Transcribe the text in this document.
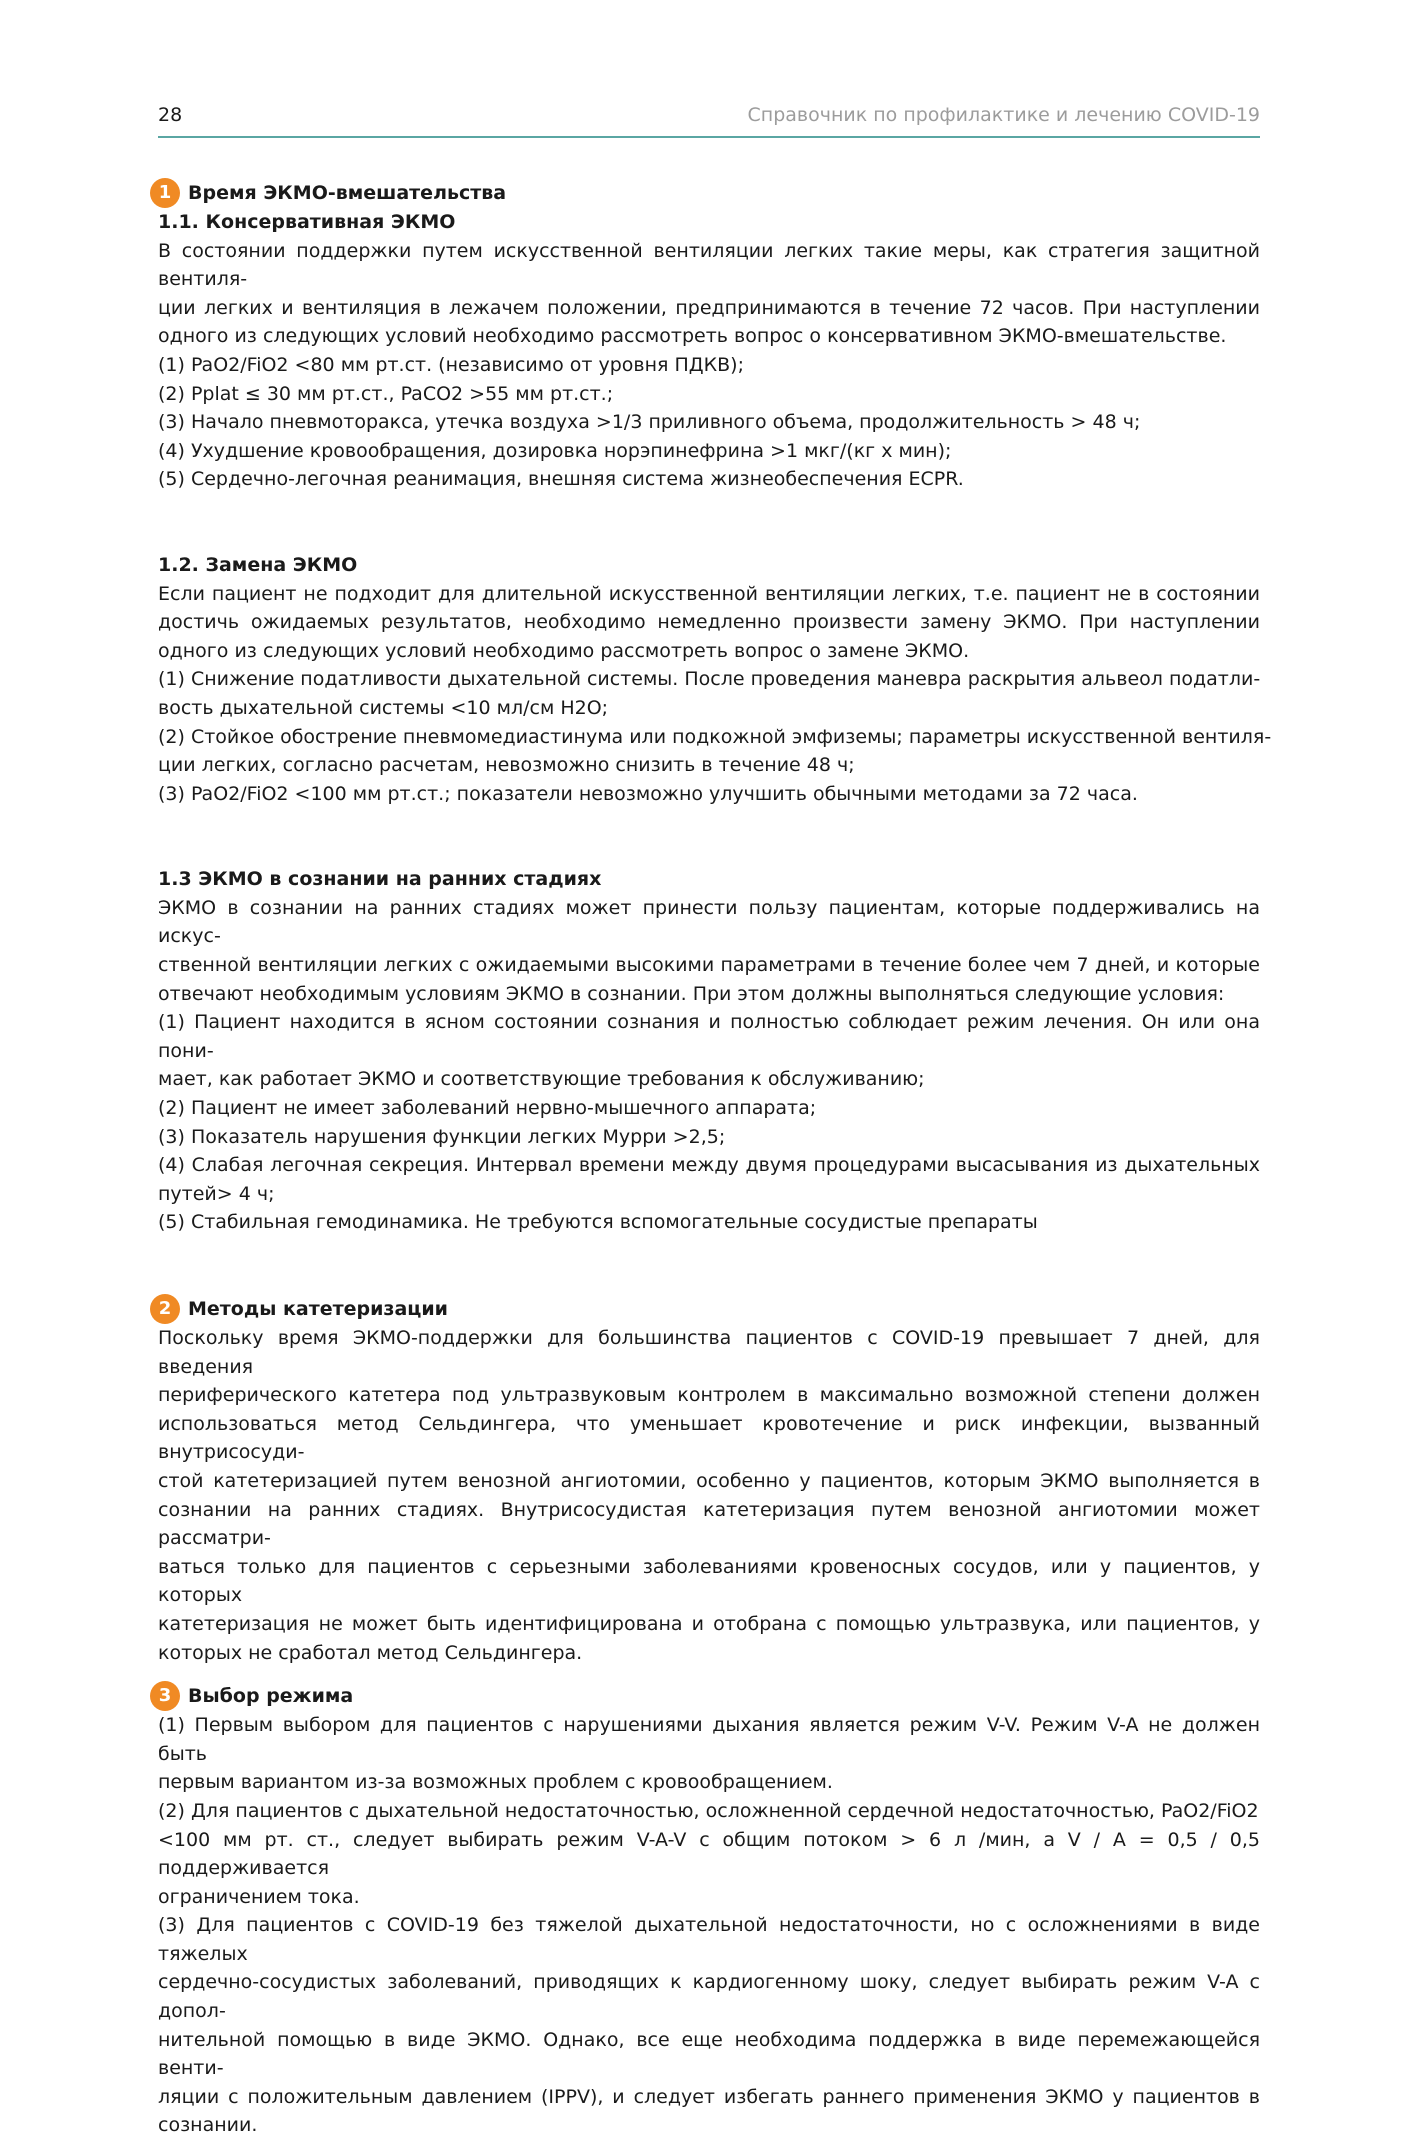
28	Справочник по профилактике и лечению COVID-19
1 Время ЭКМО-вмешательства

1.1. Консервативная ЭКМО

В состоянии поддержки путем искусственной вентиляции легких такие меры, как стратегия защитной вентиля-

ции легких и вентиляция в лежачем положении, предпринимаются в течение 72 часов. При наступлении

одного из следующих условий необходимо рассмотреть вопрос о консервативном ЭКМО-вмешательстве.

(1) PaO2/FiO2 <80 мм рт.ст. (независимо от уровня ПДКВ);

(2) Pplat ≤ 30 мм рт.ст., PaCO2 >55 мм рт.ст.;

(3) Начало пневмоторакса, утечка воздуха >1/3 приливного объема, продолжительность > 48 ч;

(4) Ухудшение кровообращения, дозировка норэпинефрина >1 мкг/(кг х мин);

(5) Сердечно-легочная реанимация, внешняя система жизнеобеспечения ECPR.

1.2. Замена ЭКМО

Если пациент не подходит для длительной искусственной вентиляции легких, т.е. пациент не в состоянии

достичь ожидаемых результатов, необходимо немедленно произвести замену ЭКМО. При наступлении

одного из следующих условий необходимо рассмотреть вопрос о замене ЭКМО.

(1) Снижение податливости дыхательной системы. После проведения маневра раскрытия альвеол податли-

вость дыхательной системы <10 мл/см H2O;

(2) Стойкое обострение пневмомедиастинума или подкожной эмфиземы; параметры искусственной вентиля-

ции легких, согласно расчетам, невозможно снизить в течение 48 ч;

(3) PaO2/FiO2 <100 мм рт.ст.; показатели невозможно улучшить обычными методами за 72 часа.

1.3 ЭКМО в сознании на ранних стадиях

ЭКМО в сознании на ранних стадиях может принести пользу пациентам, которые поддерживались на искус-

ственной вентиляции легких с ожидаемыми высокими параметрами в течение более чем 7 дней, и которые

отвечают необходимым условиям ЭКМО в сознании. При этом должны выполняться следующие условия:

(1) Пациент находится в ясном состоянии сознания и полностью соблюдает режим лечения. Он или она пони-

мает, как работает ЭКМО и соответствующие требования к обслуживанию;

(2) Пациент не имеет заболеваний нервно-мышечного аппарата;

(3) Показатель нарушения функции легких Мурри >2,5;

(4) Слабая легочная секреция. Интервал времени между двумя процедурами высасывания из дыхательных

путей> 4 ч;

(5) Стабильная гемодинамика. Не требуются вспомогательные сосудистые препараты

2 Методы катетеризации

Поскольку время ЭКМО-поддержки для большинства пациентов с COVID-19 превышает 7 дней, для введения

периферического катетера под ультразвуковым контролем в максимально возможной степени должен

использоваться метод Сельдингера, что уменьшает кровотечение и риск инфекции, вызванный внутрисосуди-

стой катетеризацией путем венозной ангиотомии, особенно у пациентов, которым ЭКМО выполняется в

сознании на ранних стадиях. Внутрисосудистая катетеризация путем венозной ангиотомии может рассматри-

ваться только для пациентов с серьезными заболеваниями кровеносных сосудов, или у пациентов, у которых

катетеризация не может быть идентифицирована и отобрана с помощью ультразвука, или пациентов, у

которых не сработал метод Сельдингера.

3 Выбор режима

(1) Первым выбором для пациентов с нарушениями дыхания является режим V-V. Режим V-A не должен быть

первым вариантом из-за возможных проблем с кровообращением.

(2) Для пациентов с дыхательной недостаточностью, осложненной сердечной недостаточностью, PaO2/FiO2

<100 мм рт. ст., следует выбирать режим V-A-V с общим потоком > 6 л /мин, а V / A = 0,5 / 0,5 поддерживается

ограничением тока.

(3) Для пациентов с COVID-19 без тяжелой дыхательной недостаточности, но с осложнениями в виде тяжелых

сердечно-сосудистых заболеваний, приводящих к кардиогенному шоку, следует выбирать режим V-A с допол-

нительной помощью в виде ЭКМО. Однако, все еще необходима поддержка в виде перемежающейся венти-

ляции с положительным давлением (IPPV), и следует избегать раннего применения ЭКМО у пациентов в

сознании.
